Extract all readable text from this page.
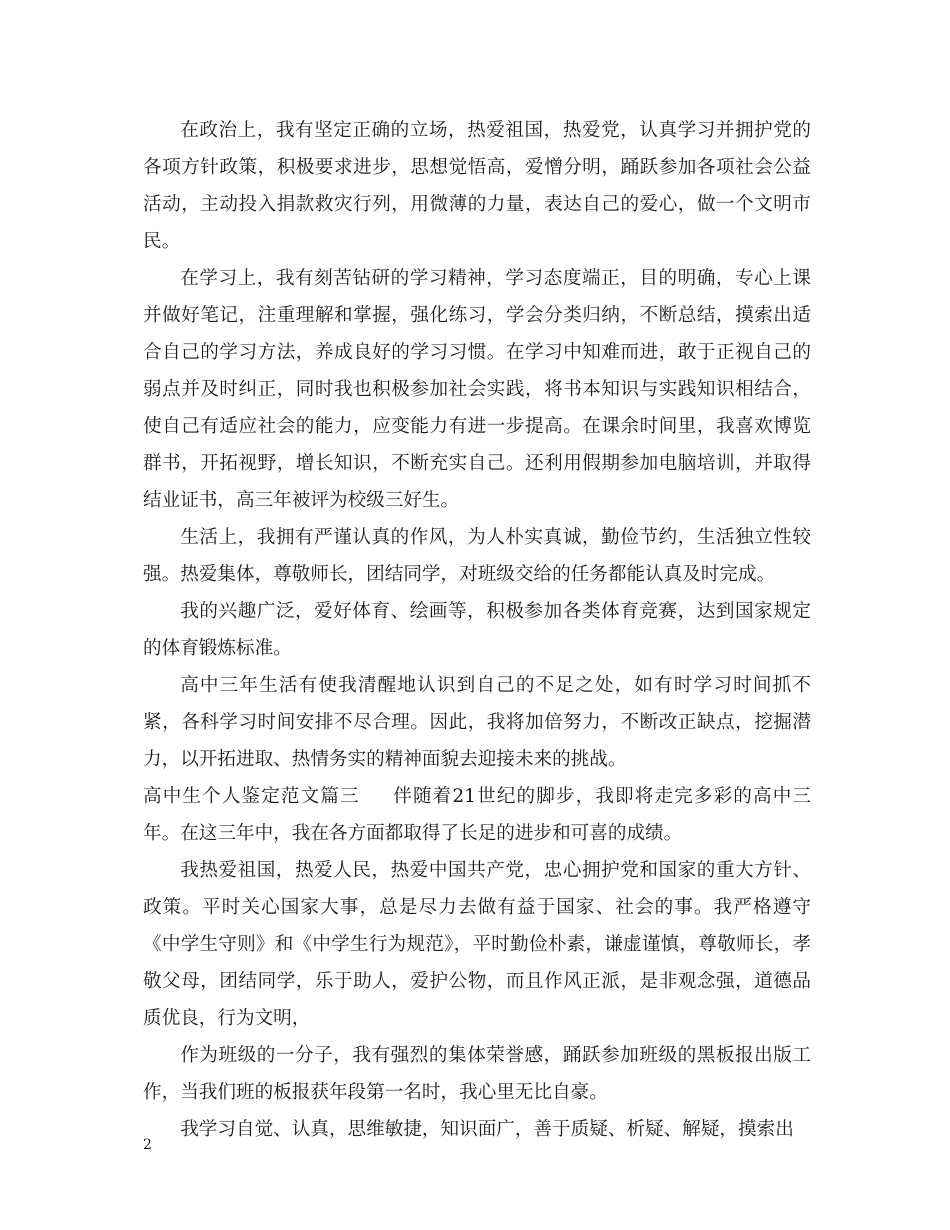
在政治上，我有坚定正确的立场，热爱祖国，热爱党，认真学习并拥护党的各项方针政策，积极要求进步，思想觉悟高，爱憎分明，踊跃参加各项社会公益活动，主动投入捐款救灾行列，用微薄的力量，表达自己的爱心，做一个文明市民。

在学习上，我有刻苦钻研的学习精神，学习态度端正，目的明确，专心上课并做好笔记，注重理解和掌握，强化练习，学会分类归纳，不断总结，摸索出适合自己的学习方法，养成良好的学习习惯。在学习中知难而进，敢于正视自己的弱点并及时纠正，同时我也积极参加社会实践，将书本知识与实践知识相结合，使自己有适应社会的能力，应变能力有进一步提高。在课余时间里，我喜欢博览群书，开拓视野，增长知识，不断充实自己。还利用假期参加电脑培训，并取得结业证书，高三年被评为校级三好生。

生活上，我拥有严谨认真的作风，为人朴实真诚，勤俭节约，生活独立性较强。热爱集体，尊敬师长，团结同学，对班级交给的任务都能认真及时完成。

我的兴趣广泛，爱好体育、绘画等，积极参加各类体育竞赛，达到国家规定的体育锻炼标准。

高中三年生活有使我清醒地认识到自己的不足之处，如有时学习时间抓不紧，各科学习时间安排不尽合理。因此，我将加倍努力，不断改正缺点，挖掘潜力，以开拓进取、热情务实的精神面貌去迎接未来的挑战。

高中生个人鉴定范文篇三 伴随着21世纪的脚步，我即将走完多彩的高中三年。在这三年中，我在各方面都取得了长足的进步和可喜的成绩。

我热爱祖国，热爱人民，热爱中国共产党，忠心拥护党和国家的重大方针、政策。平时关心国家大事，总是尽力去做有益于国家、社会的事。我严格遵守《中学生守则》和《中学生行为规范》，平时勤俭朴素，谦虚谨慎，尊敬师长，孝敬父母，团结同学，乐于助人，爱护公物，而且作风正派，是非观念强，道德品质优良，行为文明，

作为班级的一分子，我有强烈的集体荣誉感，踊跃参加班级的黑板报出版工作，当我们班的板报获年段第一名时，我心里无比自豪。

我学习自觉、认真，思维敏捷，知识面广，善于质疑、析疑、解疑，摸索出

2
